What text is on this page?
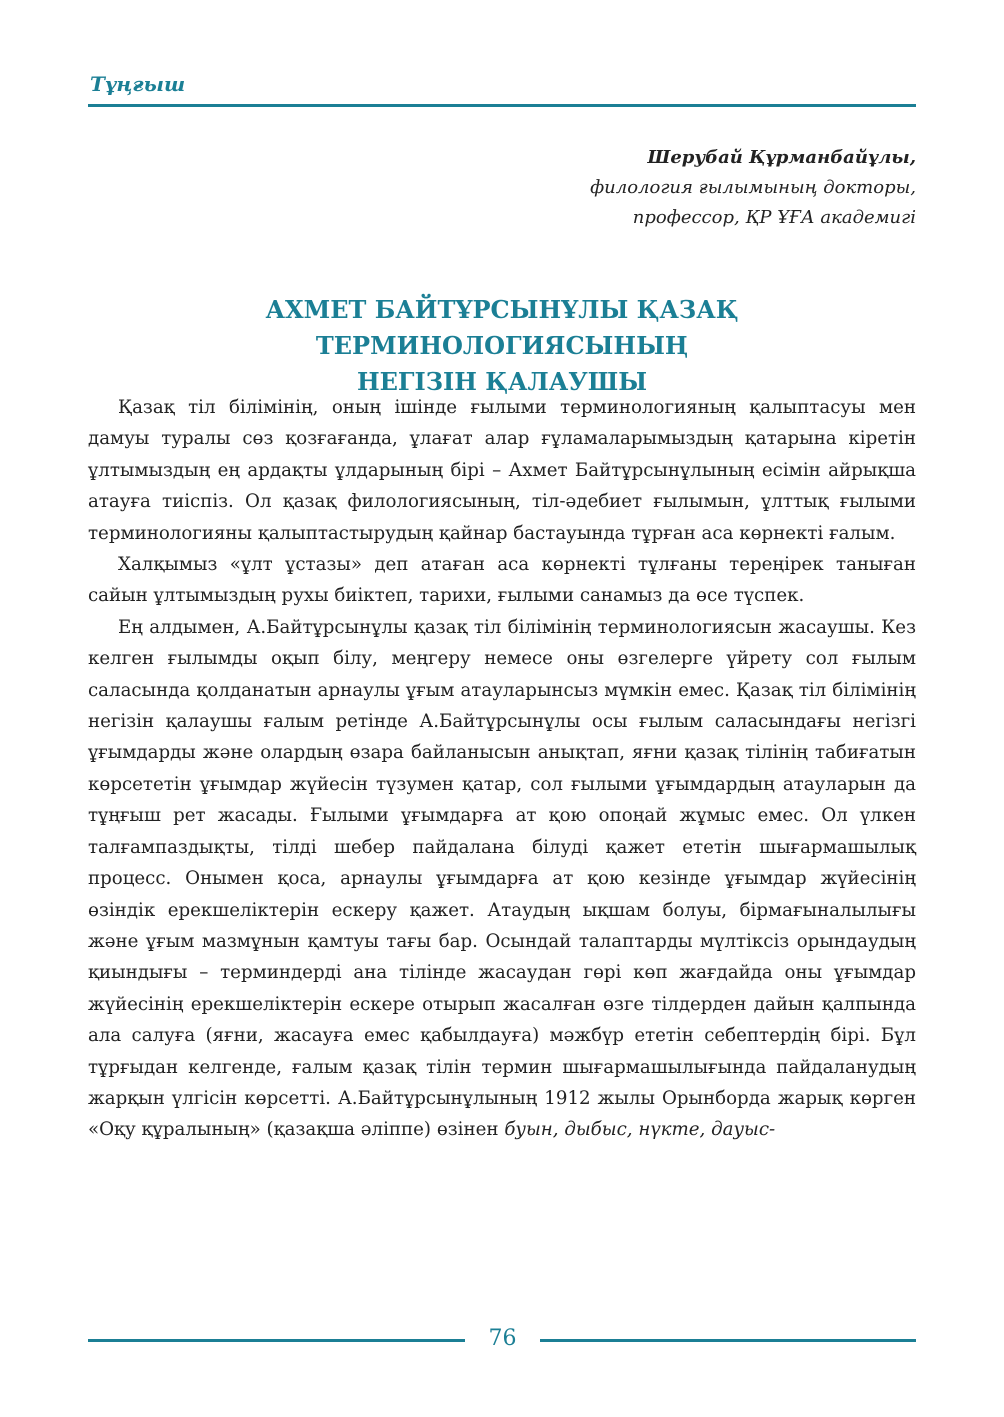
Тұңғыш
Шерубай Құрманбайұлы,
филология ғылымының докторы,
профессор, ҚР ҰҒА академигі
АХМЕТ БАЙТҰРСЫНҰЛЫ ҚАЗАҚ ТЕРМИНОЛОГИЯСЫНЫҢ
НЕГІЗІН ҚАЛАУШЫ

Қазақ тіл білімінің, оның ішінде ғылыми терминологияның қалыптасуы мен дамуы туралы сөз қозғағанда, ұлағат алар ғұламаларымыздың қатарына кіретін ұлтымыздың ең ардақты ұлдарының бірі – Ахмет Байтұрсынұлының есімін айрықша атауға тиіспіз. Ол қазақ филологиясының, тіл-әдебиет ғылымын, ұлттық ғылыми терминологияны қалыптастырудың қайнар бастауында тұрған аса көрнекті ғалым.

Халқымыз «ұлт ұстазы» деп атаған аса көрнекті тұлғаны тереңірек таныған сайын ұлтымыздың рухы биіктеп, тарихи, ғылыми санамыз да өсе түспек.

Ең алдымен, А.Байтұрсынұлы қазақ тіл білімінің терминологиясын жасаушы. Кез келген ғылымды оқып білу, меңгеру немесе оны өзгелерге үйрету сол ғылым саласында қолданатын арнаулы ұғым атауларынсыз мүмкін емес. Қазақ тіл білімінің негізін қалаушы ғалым ретінде А.Байтұрсынұлы осы ғылым саласындағы негізгі ұғымдарды және олардың өзара байланысын анықтап, яғни қазақ тілінің табиғатын көрсететін ұғымдар жүйесін түзумен қатар, сол ғылыми ұғымдардың атауларын да тұңғыш рет жасады. Ғылыми ұғымдарға ат қою опоңай жұмыс емес. Ол үлкен талғампаздықты, тілді шебер пайдалана білуді қажет ететін шығармашылық процесс. Онымен қоса, арнаулы ұғымдарға ат қою кезінде ұғымдар жүйесінің өзіндік ерекшеліктерін ескеру қажет. Атаудың ықшам болуы, бірмағыналылығы және ұғым мазмұнын қамтуы тағы бар. Осындай талаптарды мүлтіксіз орындаудың қиындығы – терминдерді ана тілінде жасаудан гөрі көп жағдайда оны ұғымдар жүйесінің ерекшеліктерін ескере отырып жасалған өзге тілдерден дайын қалпында ала салуға (яғни, жасауға емес қабылдауға) мәжбүр ететін себептердің бірі. Бұл тұрғыдан келгенде, ғалым қазақ тілін термин шығармашылығында пайдаланудың жарқын үлгісін көрсетті. А.Байтұрсынұлының 1912 жылы Орынборда жарық көрген «Оқу құралының» (қазақша әліппе) өзінен буын, дыбыс, нүкте, дауыс-

76
